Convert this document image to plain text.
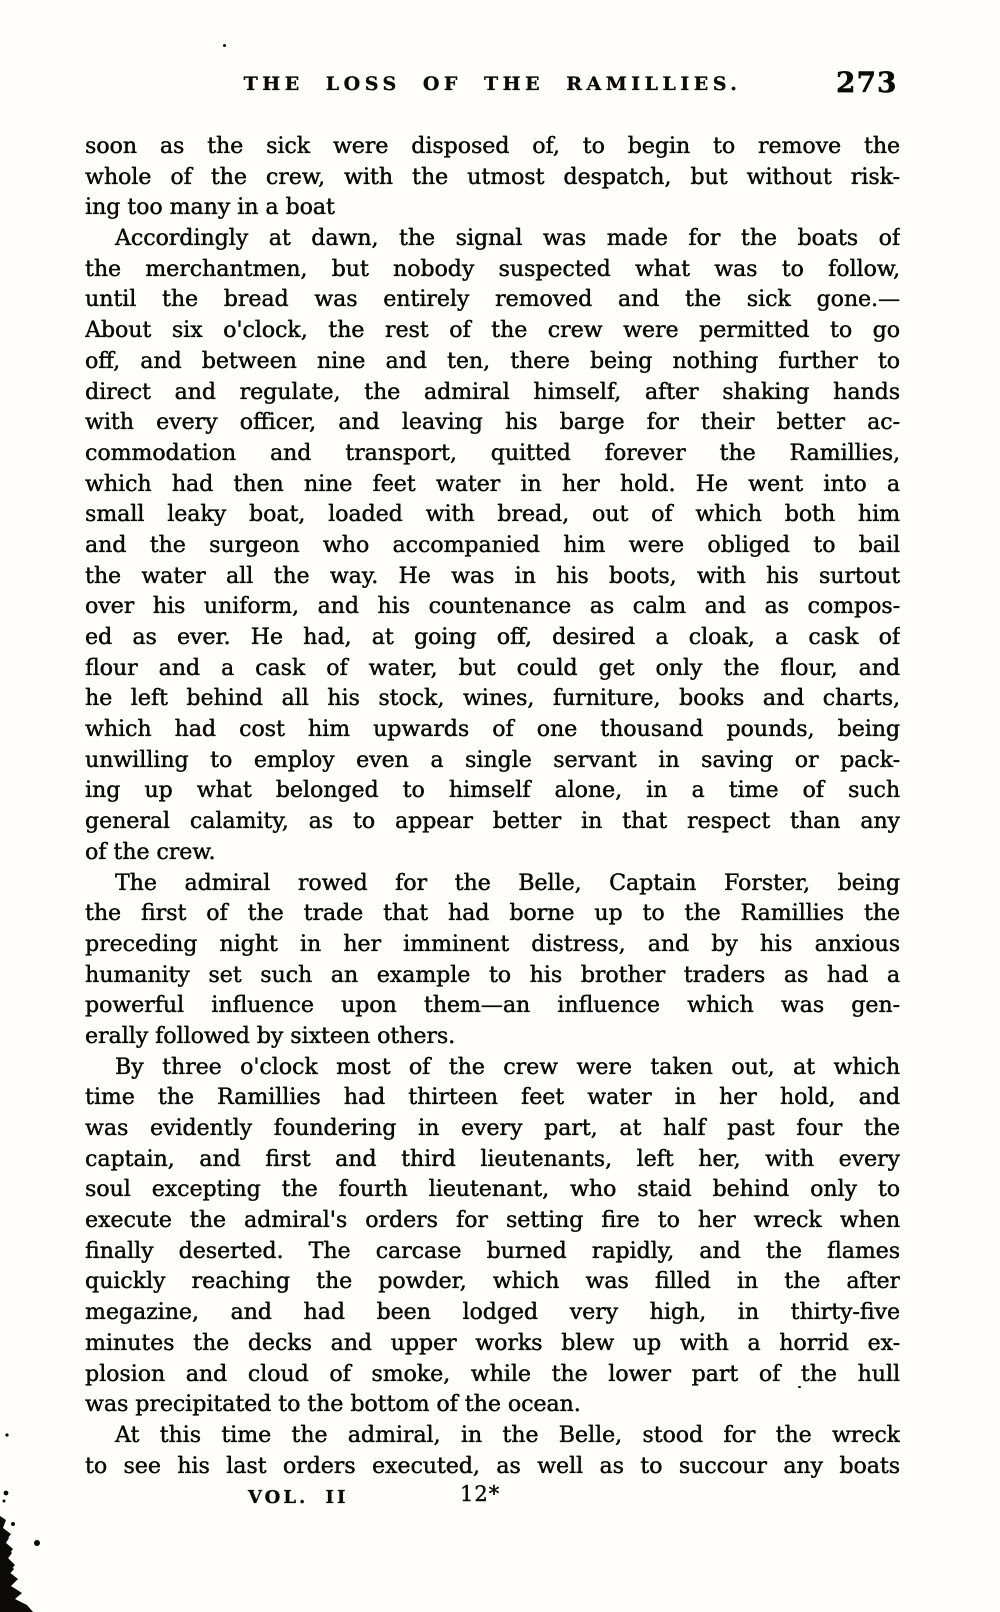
THE LOSS OF THE RAMILLIES.	273
soon as the sick were disposed of, to begin to remove the
whole of the crew, with the utmost despatch, but without risk-
ing too many in a boat
Accordingly at dawn, the signal was made for the boats of
the merchantmen, but nobody suspected what was to follow,
until the bread was entirely removed and the sick gone.—
About six o'clock, the rest of the crew were permitted to go
off, and between nine and ten, there being nothing further to
direct and regulate, the admiral himself, after shaking hands
with every officer, and leaving his barge for their better ac-
commodation and transport, quitted forever the Ramillies,
which had then nine feet water in her hold. He went into a
small leaky boat, loaded with bread, out of which both him
and the surgeon who accompanied him were obliged to bail
the water all the way. He was in his boots, with his surtout
over his uniform, and his countenance as calm and as compos-
ed as ever. He had, at going off, desired a cloak, a cask of
flour and a cask of water, but could get only the flour, and
he left behind all his stock, wines, furniture, books and charts,
which had cost him upwards of one thousand pounds, being
unwilling to employ even a single servant in saving or pack-
ing up what belonged to himself alone, in a time of such
general calamity, as to appear better in that respect than any
of the crew.
The admiral rowed for the Belle, Captain Forster, being
the first of the trade that had borne up to the Ramillies the
preceding night in her imminent distress, and by his anxious
humanity set such an example to his brother traders as had a
powerful influence upon them—an influence which was gen-
erally followed by sixteen others.
By three o'clock most of the crew were taken out, at which
time the Ramillies had thirteen feet water in her hold, and
was evidently foundering in every part, at half past four the
captain, and first and third lieutenants, left her, with every
soul excepting the fourth lieutenant, who staid behind only to
execute the admiral's orders for setting fire to her wreck when
finally deserted. The carcase burned rapidly, and the flames
quickly reaching the powder, which was filled in the after
megazine, and had been lodged very high, in thirty-five
minutes the decks and upper works blew up with a horrid ex-
plosion and cloud of smoke, while the lower part of the hull
was precipitated to the bottom of the ocean.
At this time the admiral, in the Belle, stood for the wreck
to see his last orders executed, as well as to succour any boats
VOL. II	12*
